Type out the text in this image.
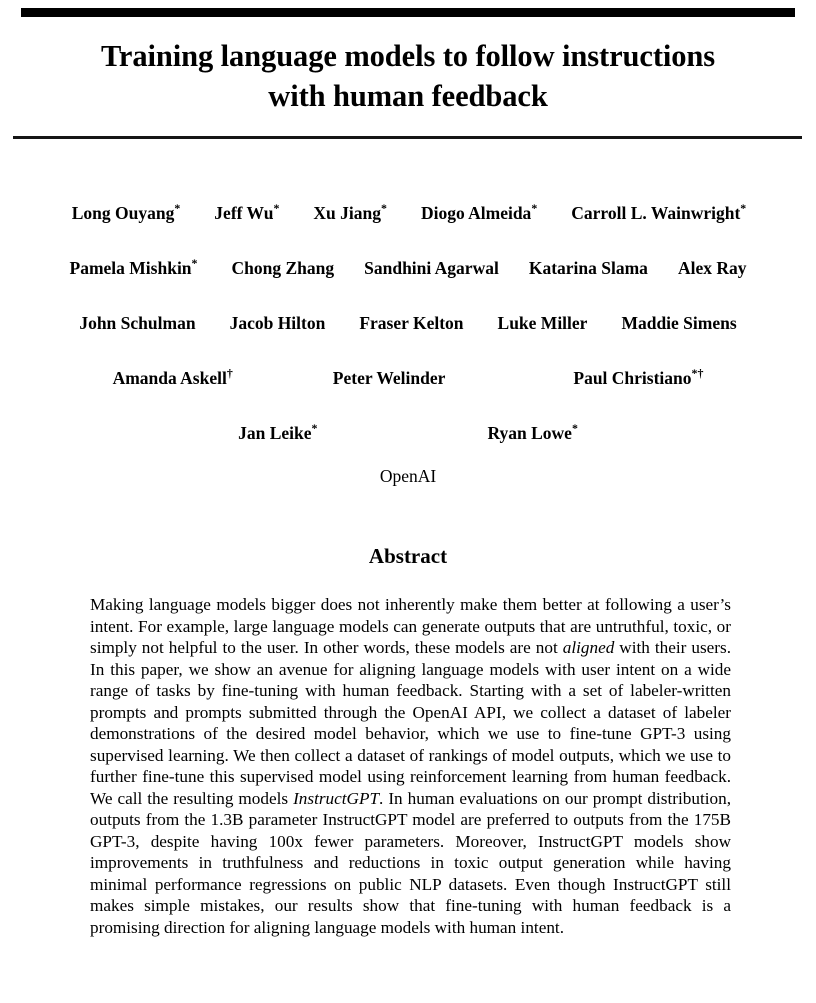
Training language models to follow instructions
with human feedback
Long Ouyang* Jeff Wu* Xu Jiang* Diogo Almeida* Carroll L. Wainwright*
Pamela Mishkin* Chong Zhang Sandhini Agarwal Katarina Slama Alex Ray
John Schulman Jacob Hilton Fraser Kelton Luke Miller Maddie Simens
Amanda Askell†	Peter Welinder	Paul Christiano*†
Jan Leike*	Ryan Lowe*
OpenAI
Abstract
Making language models bigger does not inherently make them better at following a user’s intent. For example, large language models can generate outputs that are untruthful, toxic, or simply not helpful to the user. In other words, these models are not aligned with their users. In this paper, we show an avenue for aligning language models with user intent on a wide range of tasks by fine-tuning with human feedback. Starting with a set of labeler-written prompts and prompts submitted through the OpenAI API, we collect a dataset of labeler demonstrations of the desired model behavior, which we use to fine-tune GPT-3 using supervised learning. We then collect a dataset of rankings of model outputs, which we use to further fine-tune this supervised model using reinforcement learning from human feedback. We call the resulting models InstructGPT. In human evaluations on our prompt distribution, outputs from the 1.3B parameter InstructGPT model are preferred to outputs from the 175B GPT-3, despite having 100x fewer parameters. Moreover, InstructGPT models show improvements in truthfulness and reductions in toxic output generation while having minimal performance regressions on public NLP datasets. Even though InstructGPT still makes simple mistakes, our results show that fine-tuning with human feedback is a promising direction for aligning language models with human intent.
